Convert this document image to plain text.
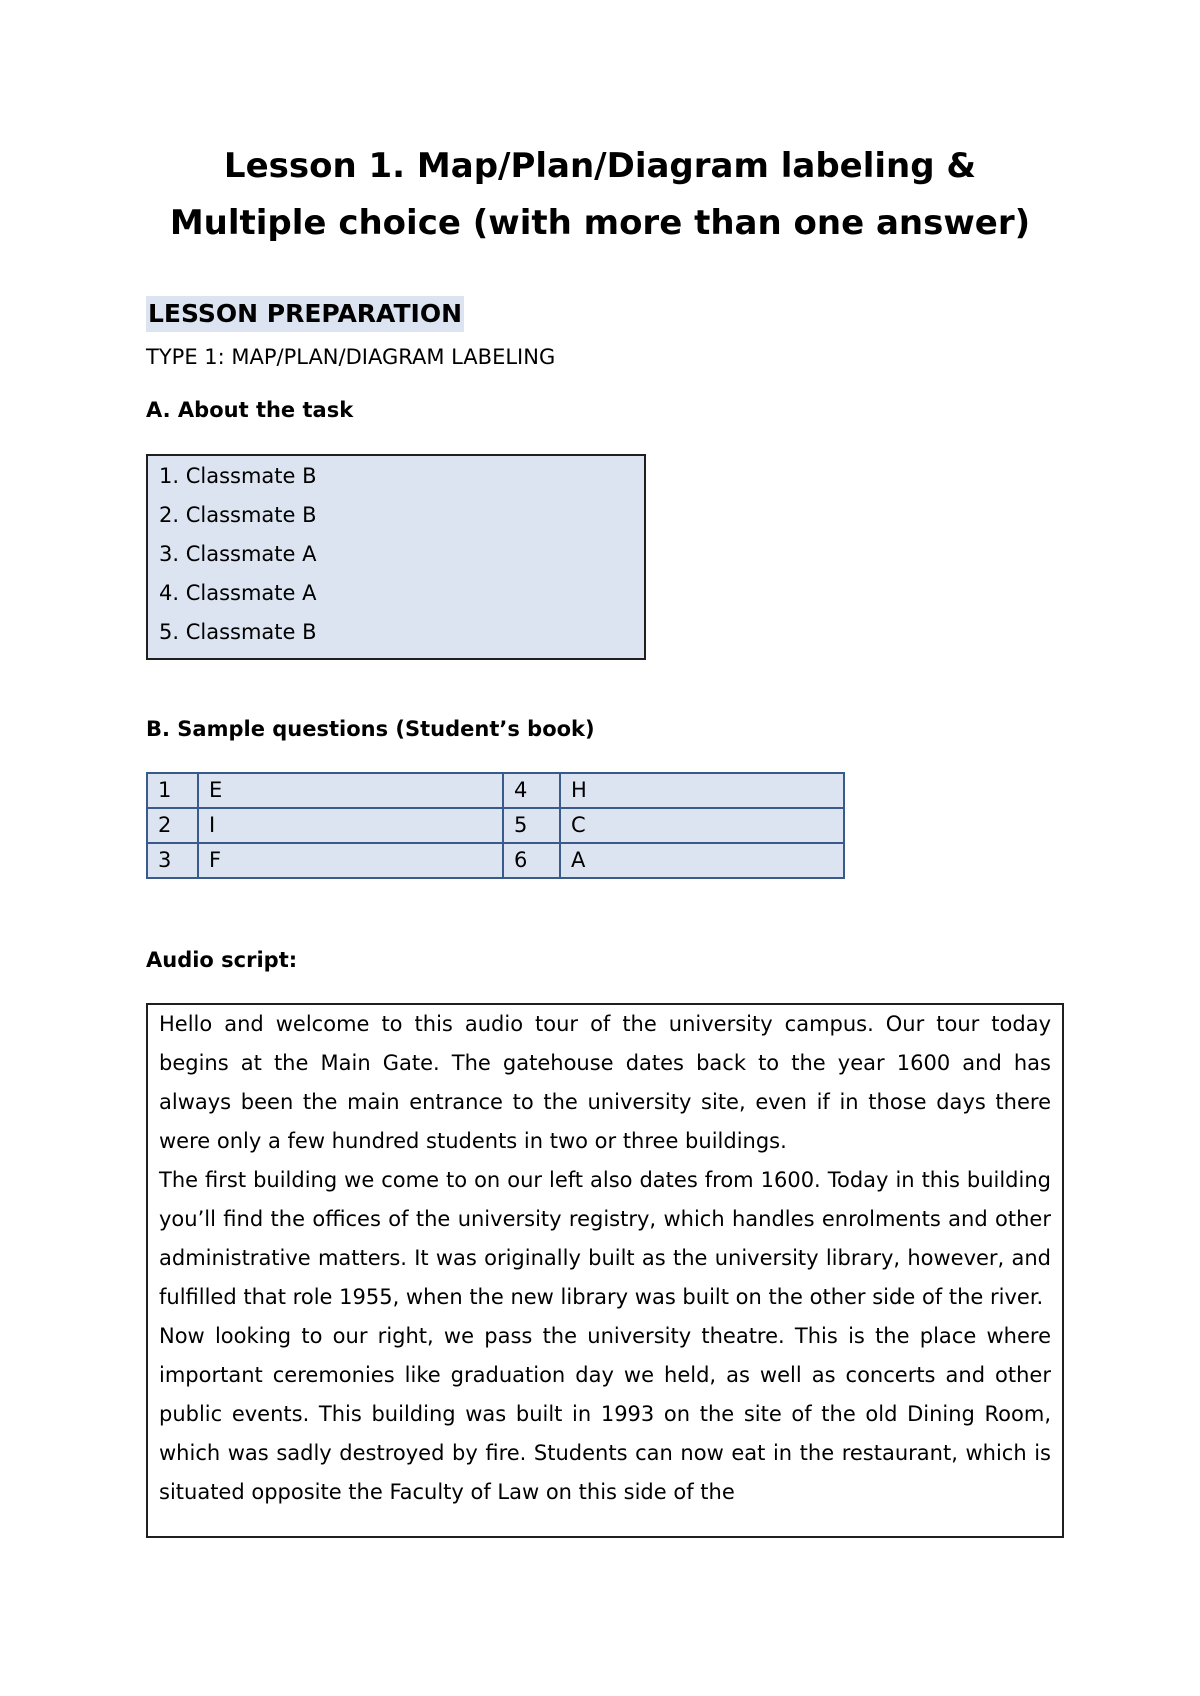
Lesson 1. Map/Plan/Diagram labeling & Multiple choice (with more than one answer)
LESSON PREPARATION
TYPE 1: MAP/PLAN/DIAGRAM LABELING
A. About the task
1. Classmate B
2. Classmate B
3. Classmate A
4. Classmate A
5. Classmate B
B. Sample questions (Student’s book)
1	E	4	H
2	I	5	C
3	F	6	A
Audio script:

Hello and welcome to this audio tour of the university campus. Our tour today begins at the Main Gate. The gatehouse dates back to the year 1600 and has always been the main entrance to the university site, even if in those days there were only a few hundred students in two or three buildings.

The first building we come to on our left also dates from 1600. Today in this building you’ll find the offices of the university registry, which handles enrolments and other administrative matters. It was originally built as the university library, however, and fulfilled that role 1955, when the new library was built on the other side of the river.

Now looking to our right, we pass the university theatre. This is the place where important ceremonies like graduation day we held, as well as concerts and other public events. This building was built in 1993 on the site of the old Dining Room, which was sadly destroyed by fire. Students can now eat in the restaurant, which is situated opposite the Faculty of Law on this side of the
